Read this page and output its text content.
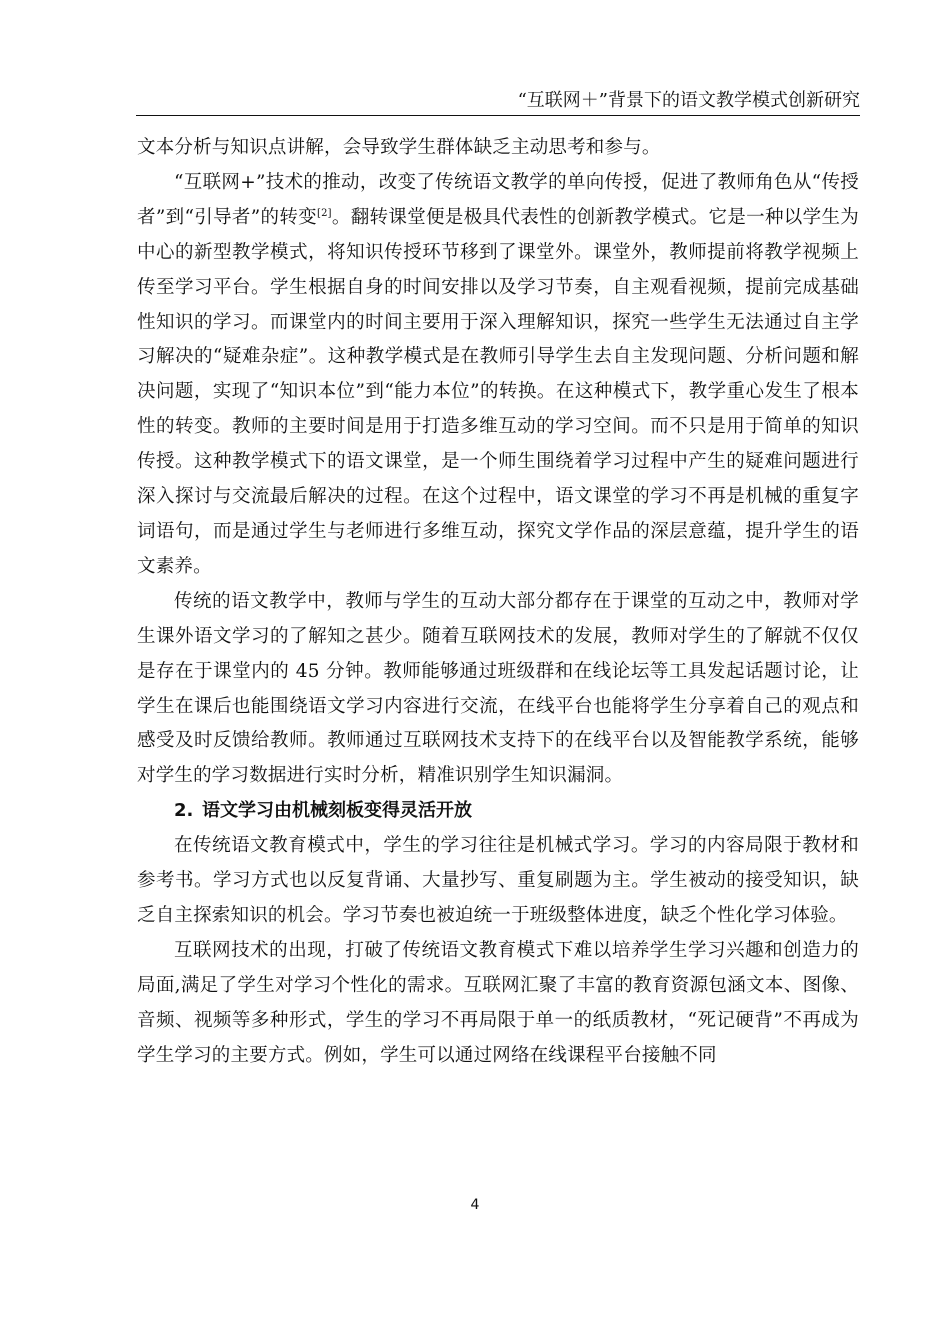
“互联网＋”背景下的语文教学模式创新研究

文本分析与知识点讲解，会导致学生群体缺乏主动思考和参与。

“互联网+”技术的推动，改变了传统语文教学的单向传授，促进了教师角色从“传授者”到“引导者”的转变[2]。翻转课堂便是极具代表性的创新教学模式。它是一种以学生为中心的新型教学模式，将知识传授环节移到了课堂外。课堂外，教师提前将教学视频上传至学习平台。学生根据自身的时间安排以及学习节奏，自主观看视频，提前完成基础性知识的学习。而课堂内的时间主要用于深入理解知识，探究一些学生无法通过自主学习解决的“疑难杂症”。这种教学模式是在教师引导学生去自主发现问题、分析问题和解决问题，实现了“知识本位”到“能力本位”的转换。在这种模式下，教学重心发生了根本性的转变。教师的主要时间是用于打造多维互动的学习空间。而不只是用于简单的知识传授。这种教学模式下的语文课堂，是一个师生围绕着学习过程中产生的疑难问题进行深入探讨与交流最后解决的过程。在这个过程中，语文课堂的学习不再是机械的重复字词语句，而是通过学生与老师进行多维互动，探究文学作品的深层意蕴，提升学生的语文素养。

传统的语文教学中，教师与学生的互动大部分都存在于课堂的互动之中，教师对学生课外语文学习的了解知之甚少。随着互联网技术的发展，教师对学生的了解就不仅仅是存在于课堂内的 45 分钟。教师能够通过班级群和在线论坛等工具发起话题讨论，让学生在课后也能围绕语文学习内容进行交流，在线平台也能将学生分享着自己的观点和感受及时反馈给教师。教师通过互联网技术支持下的在线平台以及智能教学系统，能够对学生的学习数据进行实时分析，精准识别学生知识漏洞。

2. 语文学习由机械刻板变得灵活开放

在传统语文教育模式中，学生的学习往往是机械式学习。学习的内容局限于教材和参考书。学习方式也以反复背诵、大量抄写、重复刷题为主。学生被动的接受知识，缺乏自主探索知识的机会。学习节奏也被迫统一于班级整体进度，缺乏个性化学习体验。

互联网技术的出现，打破了传统语文教育模式下难以培养学生学习兴趣和创造力的局面,满足了学生对学习个性化的需求。互联网汇聚了丰富的教育资源包涵文本、图像、音频、视频等多种形式，学生的学习不再局限于单一的纸质教材，“死记硬背”不再成为学生学习的主要方式。例如，学生可以通过网络在线课程平台接触不同

4
